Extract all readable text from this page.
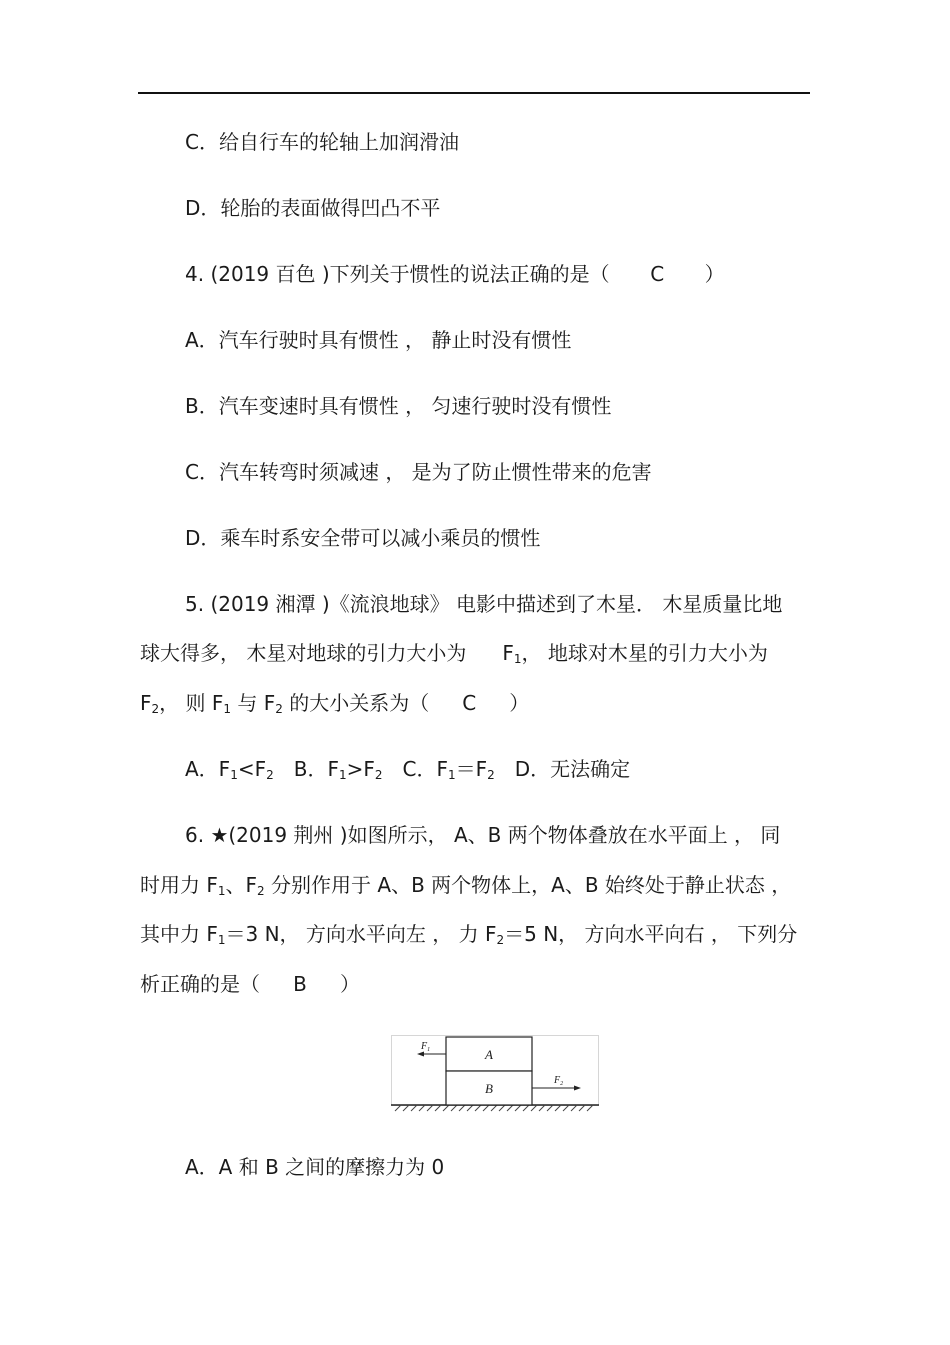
C．给自行车的轮轴上加润滑油
D．轮胎的表面做得凹凸不平
4. (2019 百色 )下列关于惯性的说法正确的是（ C ）
A．汽车行驶时具有惯性 ， 静止时没有惯性
B．汽车变速时具有惯性 ， 匀速行驶时没有惯性
C．汽车转弯时须减速 ， 是为了防止惯性带来的危害
D．乘车时系安全带可以减小乘员的惯性
5. (2019 湘潭 )《流浪地球》 电影中描述到了木星． 木星质量比地
球大得多， 木星对地球的引力大小为 $F_1$， 地球对木星的引力大小为
$F_2$， 则 $F_1$ 与 $F_2$ 的大小关系为（ C ）
A．$F_1<F_2$ B．$F_1>F_2$ C．$F_1=F_2$ D．无法确定
6. ★(2019 荆州 )如图所示， A、B 两个物体叠放在水平面上 ， 同
时用力 $F_1$、$F_2$ 分别作用于 A、B 两个物体上，A、B 始终处于静止状态 ，
其中力 $F_1=3$ N， 方向水平向左 ， 力 $F_2=5$ N， 方向水平向右 ， 下列分
析正确的是（ B ）
A
B
$F_1$
$F_2$
A．A 和 B 之间的摩擦力为 0
